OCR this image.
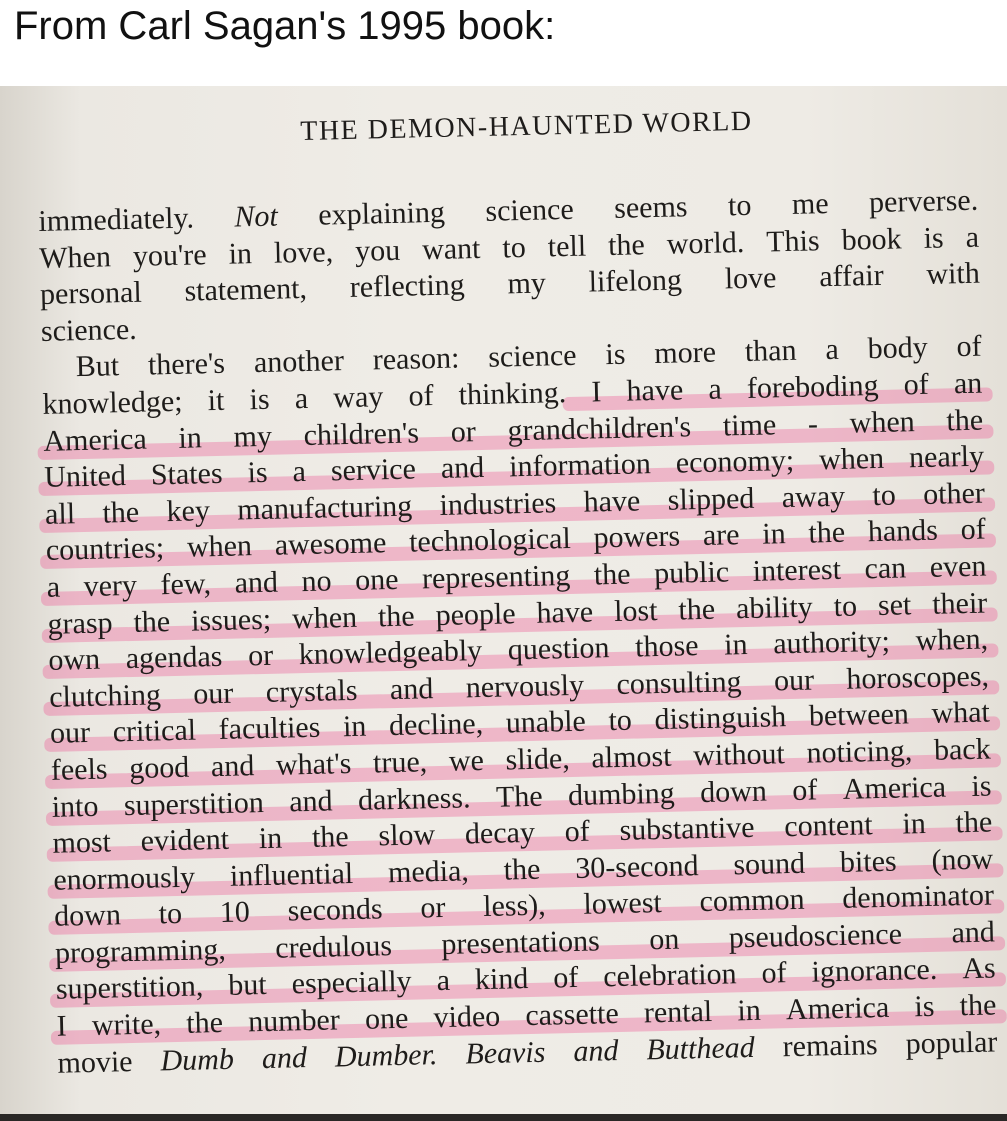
From Carl Sagan's 1995 book:
THE DEMON-HAUNTED WORLD
immediately. Not explaining science seems to me perverse.
When you're in love, you want to tell the world. This book is a
personal statement, reflecting my lifelong love affair with
science.
But there's another reason: science is more than a body of
knowledge; it is a way of thinking. I have a foreboding of an
America in my children's or grandchildren's time - when the
United States is a service and information economy; when nearly
all the key manufacturing industries have slipped away to other
countries; when awesome technological powers are in the hands of
a very few, and no one representing the public interest can even
grasp the issues; when the people have lost the ability to set their
own agendas or knowledgeably question those in authority; when,
clutching our crystals and nervously consulting our horoscopes,
our critical faculties in decline, unable to distinguish between what
feels good and what's true, we slide, almost without noticing, back
into superstition and darkness. The dumbing down of America is
most evident in the slow decay of substantive content in the
enormously influential media, the 30-second sound bites (now
down to 10 seconds or less), lowest common denominator
programming, credulous presentations on pseudoscience and
superstition, but especially a kind of celebration of ignorance. As
I write, the number one video cassette rental in America is the
movie Dumb and Dumber. Beavis and Butthead remains popular
